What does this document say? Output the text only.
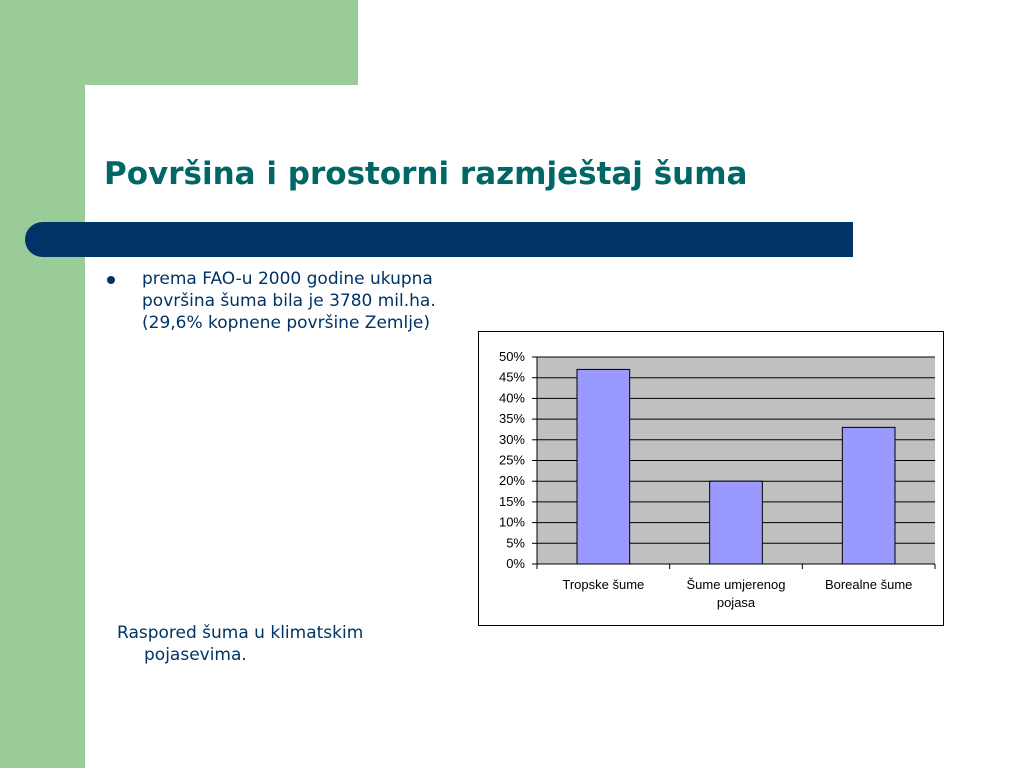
Površina i prostorni razmještaj šuma
prema FAO-u 2000 godine ukupna površina šuma bila je 3780 mil.ha.(29,6% kopnene površine Zemlje)
Raspored šuma u klimatskim pojasevima.
0%
5%
10%
15%
20%
25%
30%
35%
40%
45%
50%
Tropske šume	Šume umjerenog
pojasa
Borealne šume
